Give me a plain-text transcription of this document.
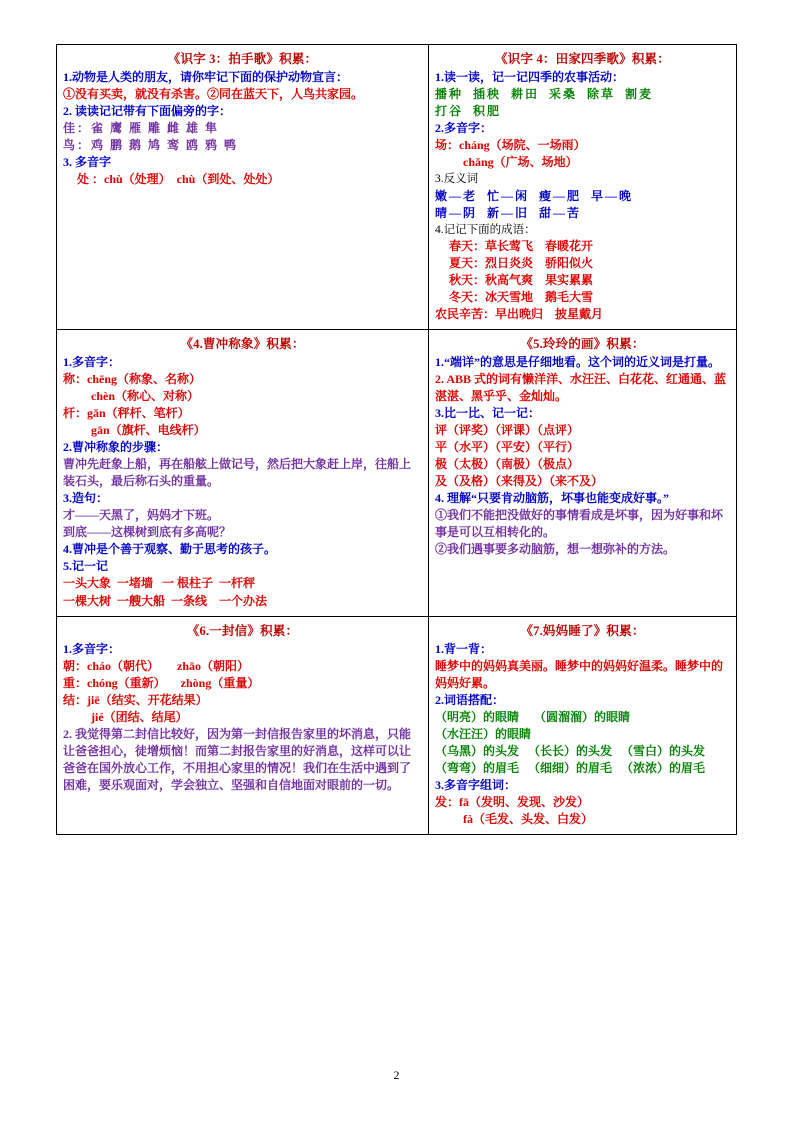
《识字 3：拍手歌》积累：
1.动物是人类的朋友，请你牢记下面的保护动物宣言：
①没有买卖，就没有杀害。②同在蓝天下，人鸟共家园。
2. 读读记记带有下面偏旁的字：
佳：雀 鹰 雁 雕 雌 雄 隼
鸟：鸡 鹏 鹅 鸠 鸾 鸥 鸦 鸭
3. 多音字
处 ：chù（处理）  chù（到处、处处）

《识字 4：田家四季歌》积累：
1.读一读，记一记四季的农事活动：
播种  插秧  耕田  采桑  除草  割麦
打谷  积肥
2.多音字：
场：cháng（场院、一场雨）
chǎng（广场、场地）
3.反义词
嫩—老  忙—闲  瘦—肥  早—晚
晴—阴  新—旧  甜—苦
4.记记下面的成语：
春天：草长莺飞    春暖花开
夏天：烈日炎炎    骄阳似火
秋天：秋高气爽    果实累累
冬天：冰天雪地    鹅毛大雪
农民辛苦：早出晚归    披星戴月

《4.曹冲称象》积累：
1.多音字：
称：chēng（称象、名称）
chèn（称心、对称）
杆：gǎn（秤杆、笔杆）
gān（旗杆、电线杆）
2.曹冲称象的步骤：
曹冲先赶象上船，再在船舷上做记号，然后把大象赶上岸，往船上装石头，最后称石头的重量。
3.造句：
才——天黑了，妈妈才下班。
到底——这棵树到底有多高呢？
4.曹冲是个善于观察、勤于思考的孩子。
5.记一记
一头大象  一堵墙   一 根柱子  一杆秤
一棵大树  一艘大船  一条线    一个办法

《5.玲玲的画》积累：
1.“端详”的意思是仔细地看。这个词的近义词是打量。
2. ABB 式的词有懒洋洋、水汪汪、白花花、红通通、蓝湛湛、黑乎乎、金灿灿。
3.比一比、记一记：
评（评奖）（评课）（点评）
平（水平）（平安）（平行）
极（太极）（南极）（极点）
及（及格）（来得及）（来不及）
4. 理解“只要肯动脑筋，坏事也能变成好事。”
①我们不能把没做好的事情看成是坏事，因为好事和坏事是可以互相转化的。
②我们遇事要多动脑筋，想一想弥补的方法。

《6.一封信》积累：
1.多音字：
朝：cháo（朝代）      zhāo（朝阳）
重：chóng（重新）     zhòng（重量）
结：jiē（结实、开花结果）
jié（团结、结尾）
2. 我觉得第二封信比较好，因为第一封信报告家里的坏消息，只能让爸爸担心，徒增烦恼！而第二封报告家里的好消息，这样可以让爸爸在国外放心工作，不用担心家里的情况！我们在生活中遇到了困难，要乐观面对，学会独立、坚强和自信地面对眼前的一切。

《7.妈妈睡了》积累：
1.背一背：
睡梦中的妈妈真美丽。睡梦中的妈妈好温柔。睡梦中的妈妈好累。
2.词语搭配：
（明亮）的眼睛     （圆溜溜）的眼睛
（水汪汪）的眼睛
（乌黑）的头发   （长长）的头发   （雪白）的头发
（弯弯）的眉毛   （细细）的眉毛   （浓浓）的眉毛
3.多音字组词：
发：fā（发明、发现、沙发）
fà（毛发、头发、白发）
2
